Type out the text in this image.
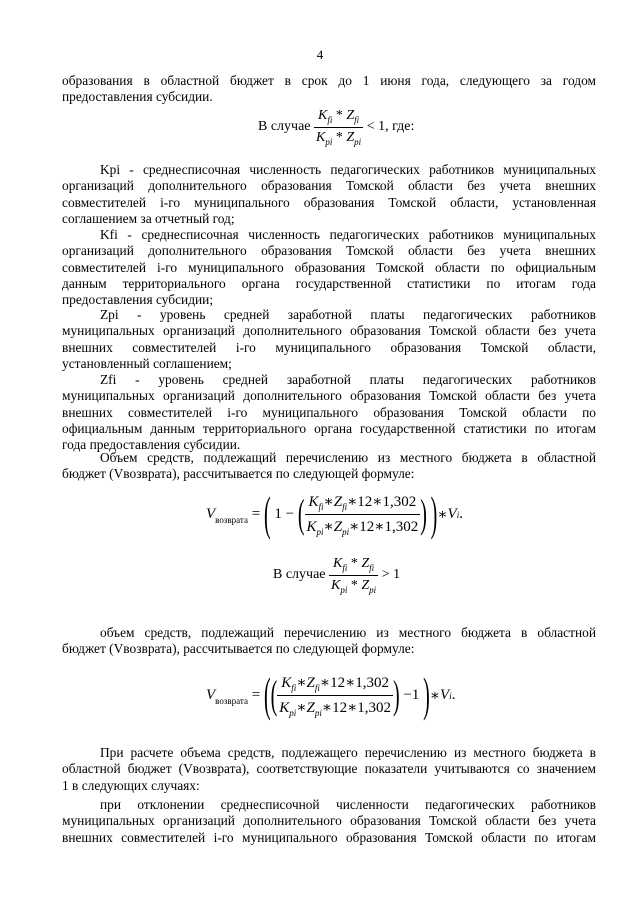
4
образования в областной бюджет в срок до 1 июня года, следующего за годом
предоставления субсидии.
В случае
$\frac{K_{fi} * Z_{fi}}{K_{pi} * Z_{pi}}$
< 1, где:
Kpi - среднесписочная численность педагогических работников муниципальных
организаций дополнительного образования Томской области без учета внешних
совместителей i-го муниципального образования Томской области, установленная
соглашением за отчетный год;
Kfi - среднесписочная численность педагогических работников муниципальных
организаций дополнительного образования Томской области без учета внешних
совместителей i-го муниципального образования Томской области по официальным
данным территориального органа государственной статистики по итогам года
предоставления субсидии;
Zpi - уровень средней заработной платы педагогических работников
муниципальных организаций дополнительного образования Томской области без учета
внешних совместителей i-го муниципального образования Томской области,
установленный соглашением;
Zfi - уровень средней заработной платы педагогических работников
муниципальных организаций дополнительного образования Томской области без учета
внешних совместителей i-го муниципального образования Томской области по
официальным данным территориального органа государственной статистики по итогам
года предоставления субсидии.
Объем средств, подлежащий перечислению из местного бюджета в областной
бюджет (Vвозврата), рассчитывается по следующей формуле:
$V_{возврата}$
=
(
1
−
( $\frac{K_{fi}∗Z_{fi}∗12∗1,302}{K_{pi}∗Z_{pi}∗12∗1,302}$ )
) ∗ V i .
В случае
$\frac{K_{fi} * Z_{fi}}{K_{pi} * Z_{pi}}$
> 1
объем средств, подлежащий перечислению из местного бюджета в областной
бюджет (Vвозврата), рассчитывается по следующей формуле:
$V_{возврата}$
=
( ( $\frac{K_{fi}∗Z_{fi}∗12∗1,302}{K_{pi}∗Z_{pi}∗12∗1,302}$ )
− 1
) ∗ V i .
При расчете объема средств, подлежащего перечислению из местного бюджета в
областной бюджет (Vвозврата), соответствующие показатели учитываются со значением
1 в следующих случаях:
при отклонении среднесписочной численности педагогических работников
муниципальных организаций дополнительного образования Томской области без учета
внешних совместителей i-го муниципального образования Томской области по итогам
